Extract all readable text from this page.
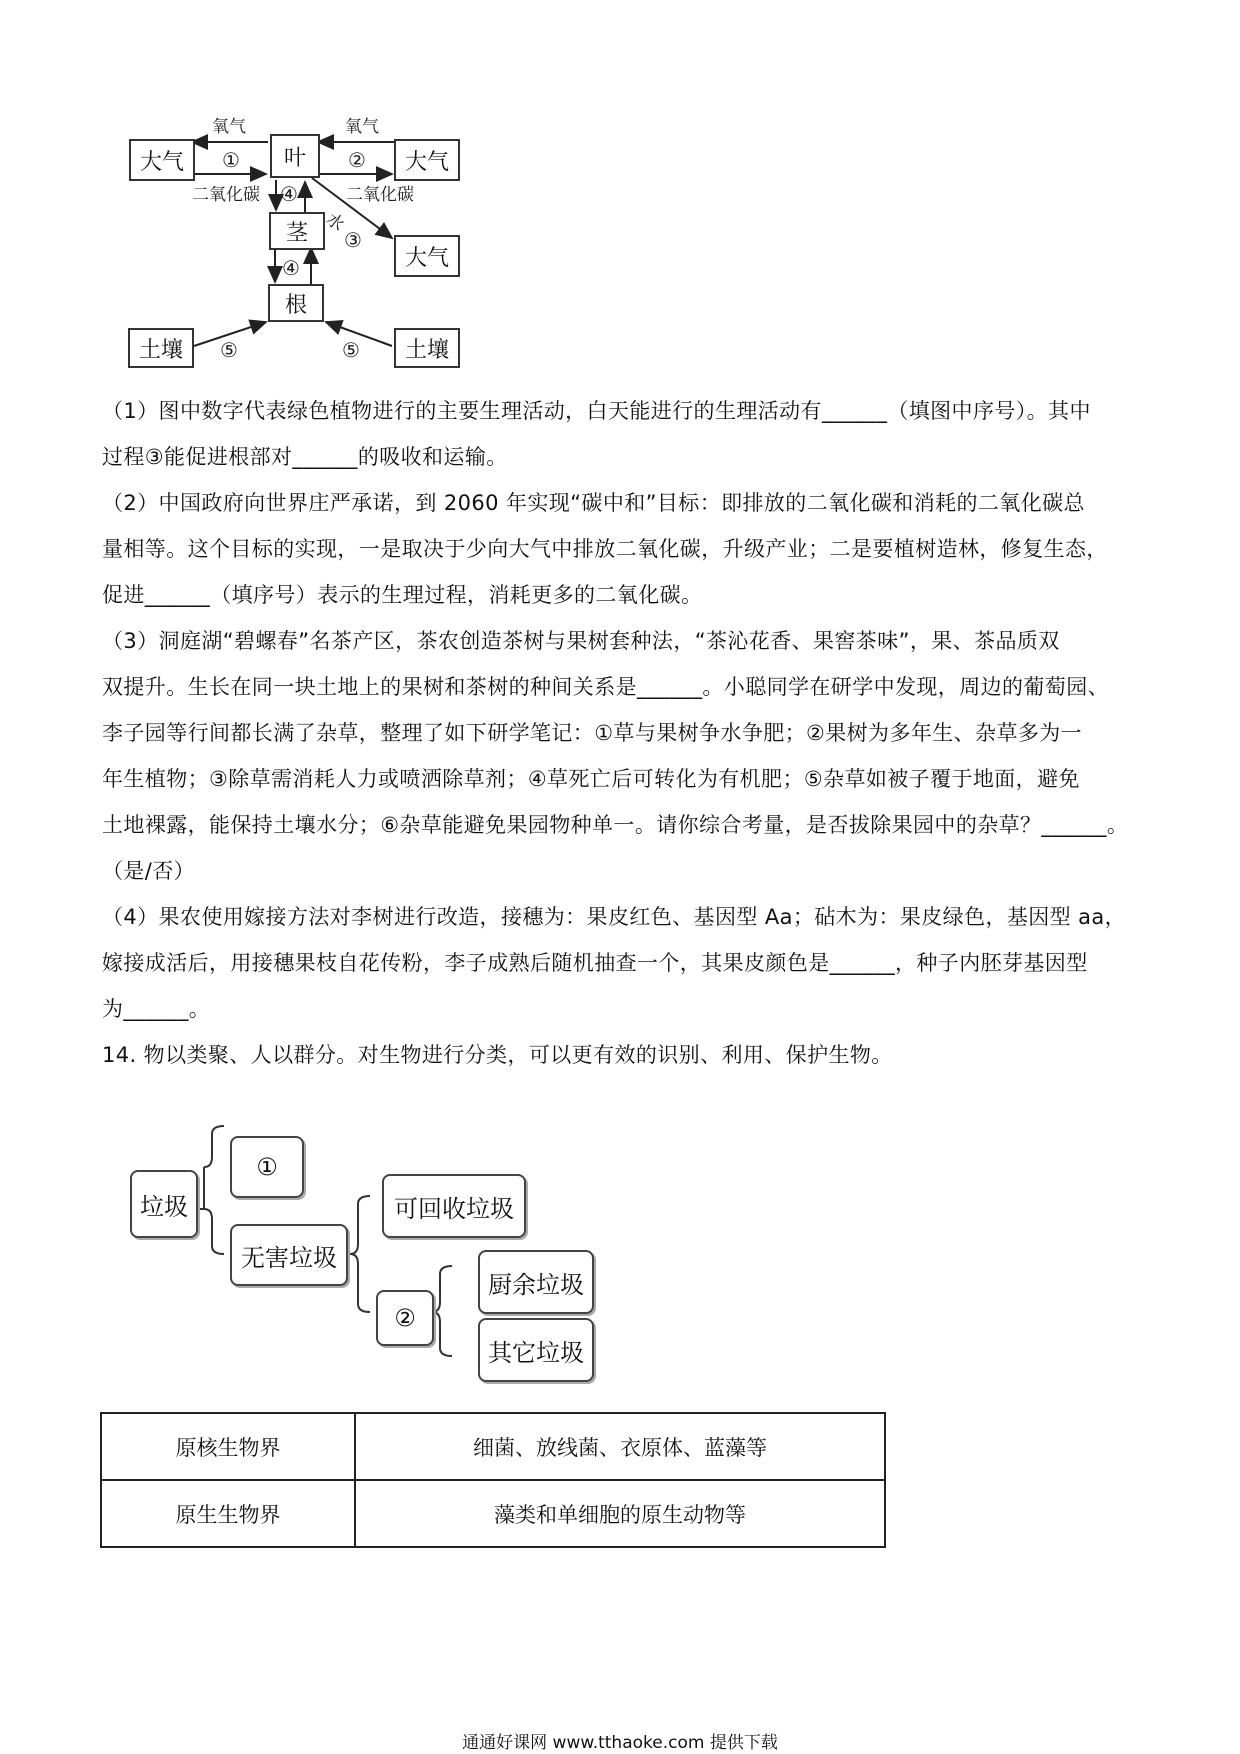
大气	叶	大气
茎
大气
根
土壤	土壤
氧气
①
二氧化碳
氧气
②
二氧化碳
④
水
③
④
⑤	⑤
（1）图中数字代表绿色植物进行的主要生理活动，白天能进行的生理活动有______（填图中序号）。其中
过程③能促进根部对______的吸收和运输。
（2）中国政府向世界庄严承诺，到 2060 年实现“碳中和”目标：即排放的二氧化碳和消耗的二氧化碳总
量相等。这个目标的实现，一是取决于少向大气中排放二氧化碳，升级产业；二是要植树造林，修复生态，
促进______（填序号）表示的生理过程，消耗更多的二氧化碳。
（3）洞庭湖“碧螺春”名茶产区，茶农创造茶树与果树套种法，“茶沁花香、果窖茶味”，果、茶品质双
双提升。生长在同一块土地上的果树和茶树的种间关系是______。小聪同学在研学中发现，周边的葡萄园、
李子园等行间都长满了杂草，整理了如下研学笔记：①草与果树争水争肥；②果树为多年生、杂草多为一
年生植物；③除草需消耗人力或喷洒除草剂；④草死亡后可转化为有机肥；⑤杂草如被子覆于地面，避免
土地裸露，能保持土壤水分；⑥杂草能避免果园物种单一。请你综合考量，是否拔除果园中的杂草？______。
（是/否）
（4）果农使用嫁接方法对李树进行改造，接穗为：果皮红色、基因型 Aa；砧木为：果皮绿色，基因型 aa，
嫁接成活后，用接穗果枝自花传粉，李子成熟后随机抽查一个，其果皮颜色是______，种子内胚芽基因型
为______。
14. 物以类聚、人以群分。对生物进行分类，可以更有效的识别、利用、保护生物。
垃圾
①
无害垃圾
可回收垃圾
②
厨余垃圾
其它垃圾
原核生物界	细菌、放线菌、衣原体、蓝藻等
原生生物界	藻类和单细胞的原生动物等
通通好课网 www.tthaoke.com 提供下载
